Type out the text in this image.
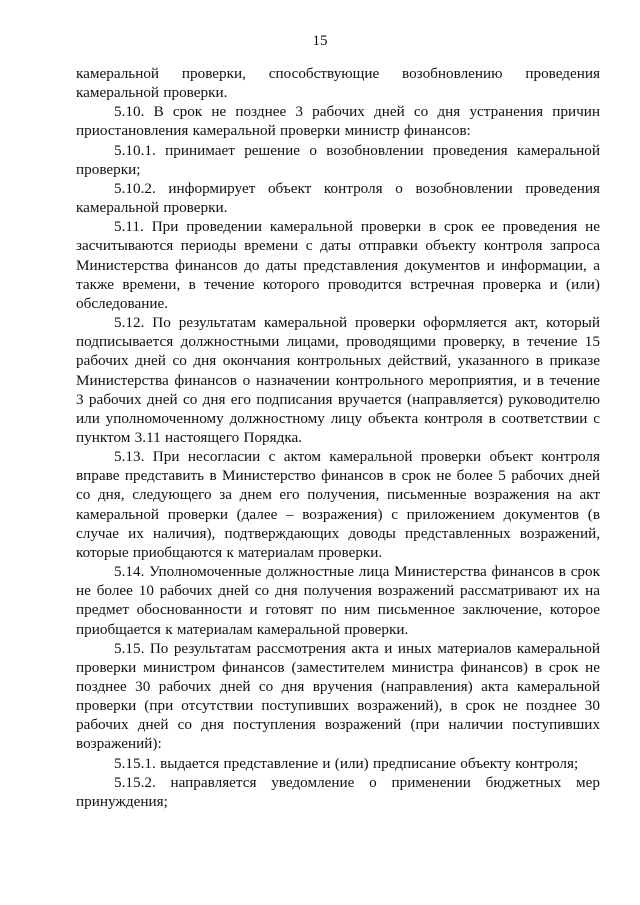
15

камеральной проверки, способствующие возобновлению проведения камеральной проверки.

5.10. В срок не позднее 3 рабочих дней со дня устранения причин приостановления камеральной проверки министр финансов:

5.10.1. принимает решение о возобновлении проведения камеральной проверки;

5.10.2. информирует объект контроля о возобновлении проведения камеральной проверки.

5.11. При проведении камеральной проверки в срок ее проведения не засчитываются периоды времени с даты отправки объекту контроля запроса Министерства финансов до даты представления документов и информации, а также времени, в течение которого проводится встречная проверка и (или) обследование.

5.12. По результатам камеральной проверки оформляется акт, который подписывается должностными лицами, проводящими проверку, в течение 15 рабочих дней со дня окончания контрольных действий, указанного в приказе Министерства финансов о назначении контрольного мероприятия, и в течение 3 рабочих дней со дня его подписания вручается (направляется) руководителю или уполномоченному должностному лицу объекта контроля в соответствии с пунктом 3.11 настоящего Порядка.

5.13. При несогласии с актом камеральной проверки объект контроля вправе представить в Министерство финансов в срок не более 5 рабочих дней со дня, следующего за днем его получения, письменные возражения на акт камеральной проверки (далее – возражения) с приложением документов (в случае их наличия), подтверждающих доводы представленных возражений, которые приобщаются к материалам проверки.

5.14. Уполномоченные должностные лица Министерства финансов в срок не более 10 рабочих дней со дня получения возражений рассматривают их на предмет обоснованности и готовят по ним письменное заключение, которое приобщается к материалам камеральной проверки.

5.15. По результатам рассмотрения акта и иных материалов камеральной проверки министром финансов (заместителем министра финансов) в срок не позднее 30 рабочих дней со дня вручения (направления) акта камеральной проверки (при отсутствии поступивших возражений), в срок не позднее 30 рабочих дней со дня поступления возражений (при наличии поступивших возражений):

5.15.1. выдается представление и (или) предписание объекту контроля;

5.15.2. направляется уведомление о применении бюджетных мер принуждения;
